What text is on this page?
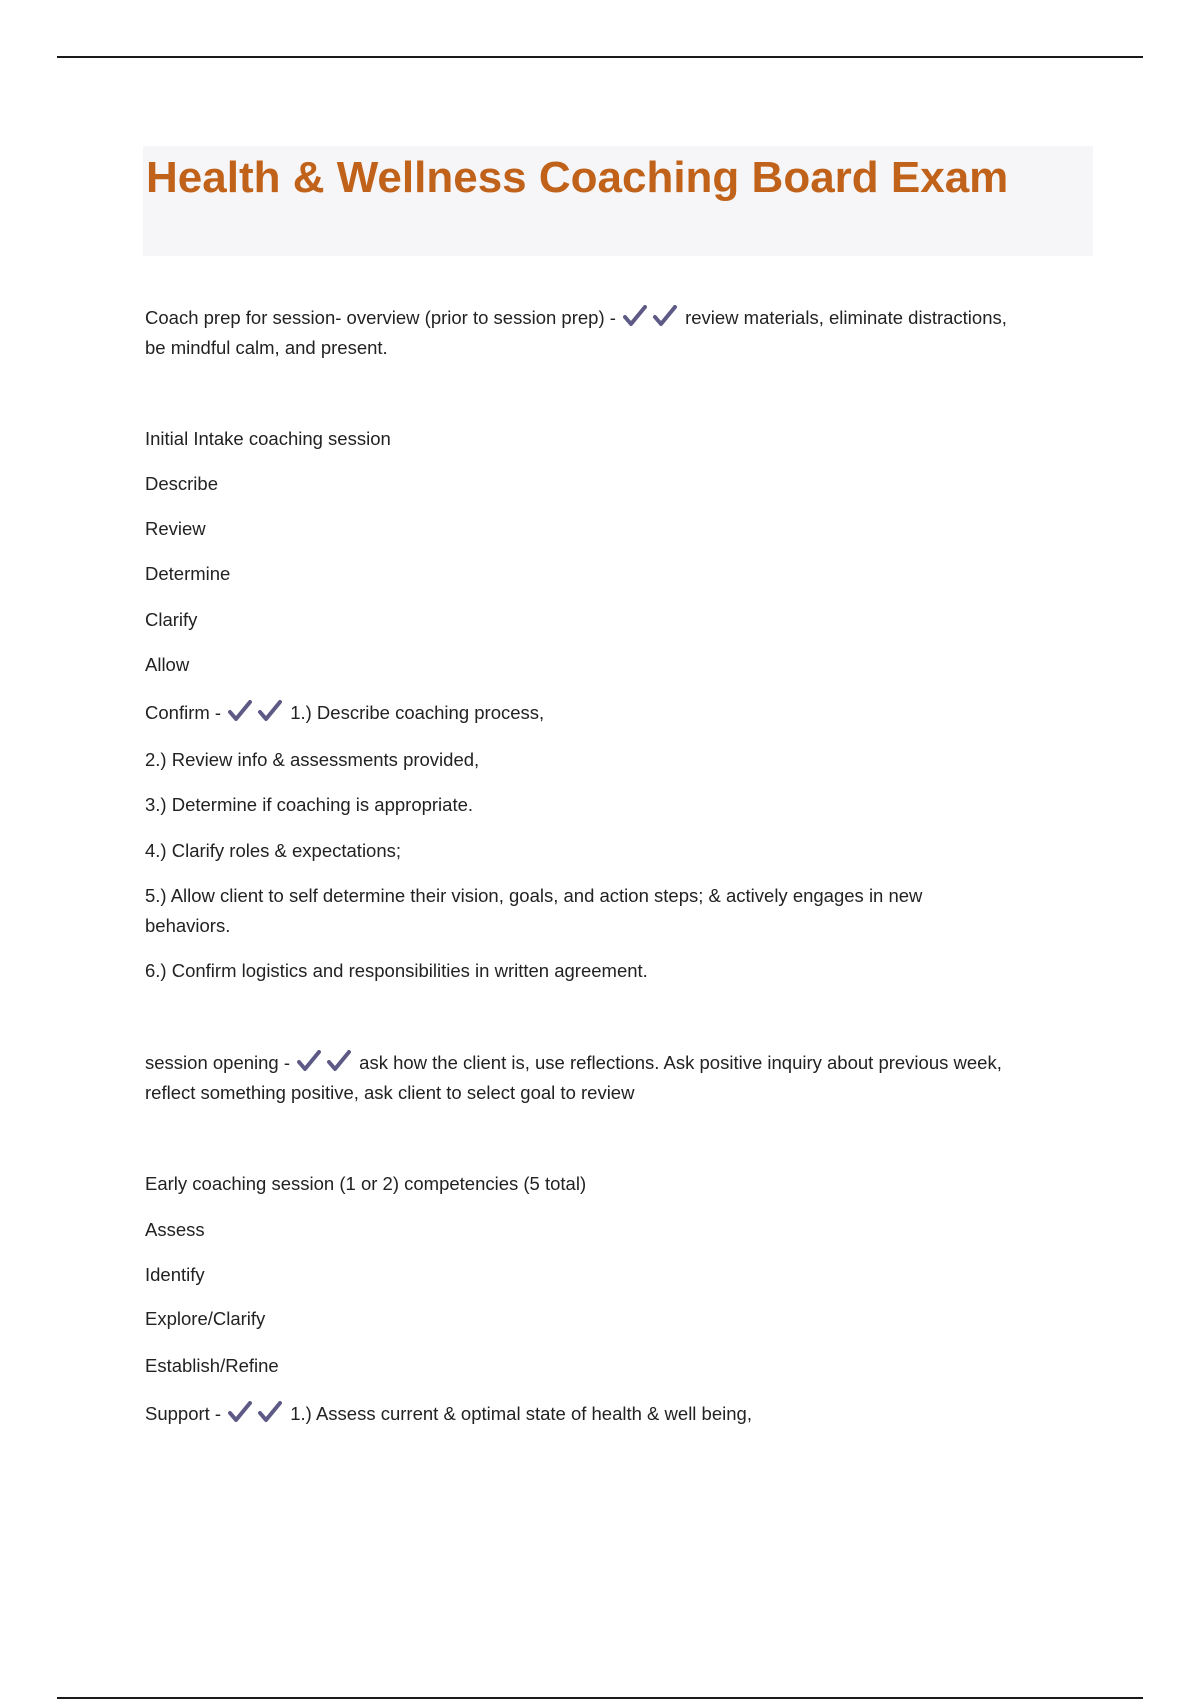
Health & Wellness Coaching Board Exam

Coach prep for session- overview (prior to session prep) -	review materials, eliminate distractions,

be mindful calm, and present.

Initial Intake coaching session

Describe

Review

Determine

Clarify

Allow

Confirm -	1.) Describe coaching process,

2.) Review info & assessments provided,

3.) Determine if coaching is appropriate.

4.) Clarify roles & expectations;

5.) Allow client to self determine their vision, goals, and action steps; & actively engages in new

behaviors.

6.) Confirm logistics and responsibilities in written agreement.

session opening -	ask how the client is, use reflections. Ask positive inquiry about previous week,

reflect something positive, ask client to select goal to review

Early coaching session (1 or 2) competencies (5 total)

Assess

Identify

Explore/Clarify

Establish/Refine

Support -	1.) Assess current & optimal state of health & well being,
